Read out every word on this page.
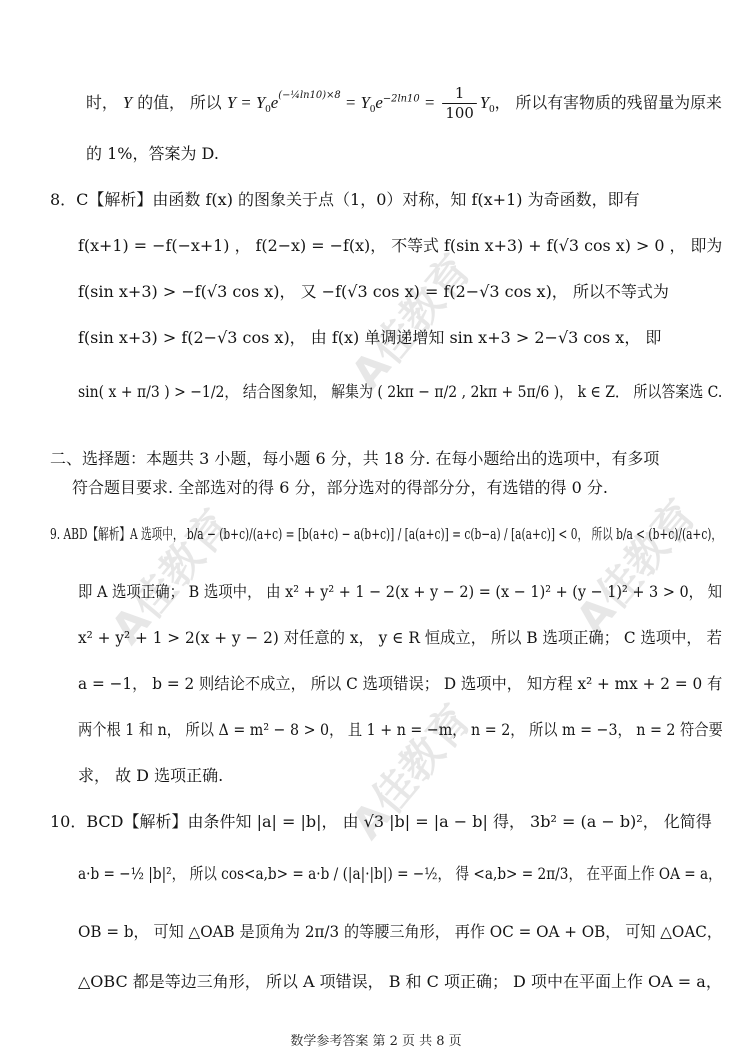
A佳教育
A佳教育	A佳教育
A佳教育
时， Y 的值， 所以 $Y = Y_0e^{(-\frac{1}{4}ln10)\times 8} = Y_0e^{-2ln10} = \frac{1}{100} Y_0$， 所以有害物质的残留量为原来
的 1%，答案为 D.
8．C【解析】由函数 f(x) 的图象关于点（1，0）对称，知 f(x+1) 为奇函数，即有
f(x+1) = −f(−x+1) ， f(2−x) = −f(x)， 不等式 f(sin x+3) + f(√3 cos x) > 0 ， 即为
f(sin x+3) > −f(√3 cos x)， 又 −f(√3 cos x) = f(2−√3 cos x)， 所以不等式为
f(sin x+3) > f(2−√3 cos x)， 由 f(x) 单调递增知 sin x+3 > 2−√3 cos x， 即
sin( x + π/3 ) > −1/2， 结合图象知， 解集为 ( 2kπ − π/2 , 2kπ + 5π/6 )， k ∈ Z． 所以答案选 C.
二、选择题：本题共 3 小题，每小题 6 分，共 18 分. 在每小题给出的选项中，有多项
符合题目要求. 全部选对的得 6 分，部分选对的得部分分，有选错的得 0 分.
9. ABD【解析】A 选项中， b/a − (b+c)/(a+c) = [b(a+c) − a(b+c)] / [a(a+c)] = c(b−a) / [a(a+c)] < 0， 所以 b/a < (b+c)/(a+c)，
即 A 选项正确； B 选项中， 由 x² + y² + 1 − 2(x + y − 2) = (x − 1)² + (y − 1)² + 3 > 0， 知
x² + y² + 1 > 2(x + y − 2) 对任意的 x， y ∈ R 恒成立， 所以 B 选项正确； C 选项中， 若
a = −1， b = 2 则结论不成立， 所以 C 选项错误； D 选项中， 知方程 x² + mx + 2 = 0 有
两个根 1 和 n， 所以 Δ = m² − 8 > 0， 且 1 + n = −m， n = 2， 所以 m = −3， n = 2 符合要
求， 故 D 选项正确.
10．BCD【解析】由条件知 |a| = |b|， 由 √3 |b| = |a − b| 得， 3b² = (a − b)²， 化简得
a·b = −½ |b|²， 所以 cos<a,b> = a·b / (|a|·|b|) = −½， 得 <a,b> = 2π/3， 在平面上作 OA = a，
OB = b， 可知 △OAB 是顶角为 2π/3 的等腰三角形， 再作 OC = OA + OB， 可知 △OAC，
△OBC 都是等边三角形， 所以 A 项错误， B 和 C 项正确； D 项中在平面上作 OA = a，
数学参考答案 第 2 页 共 8 页
